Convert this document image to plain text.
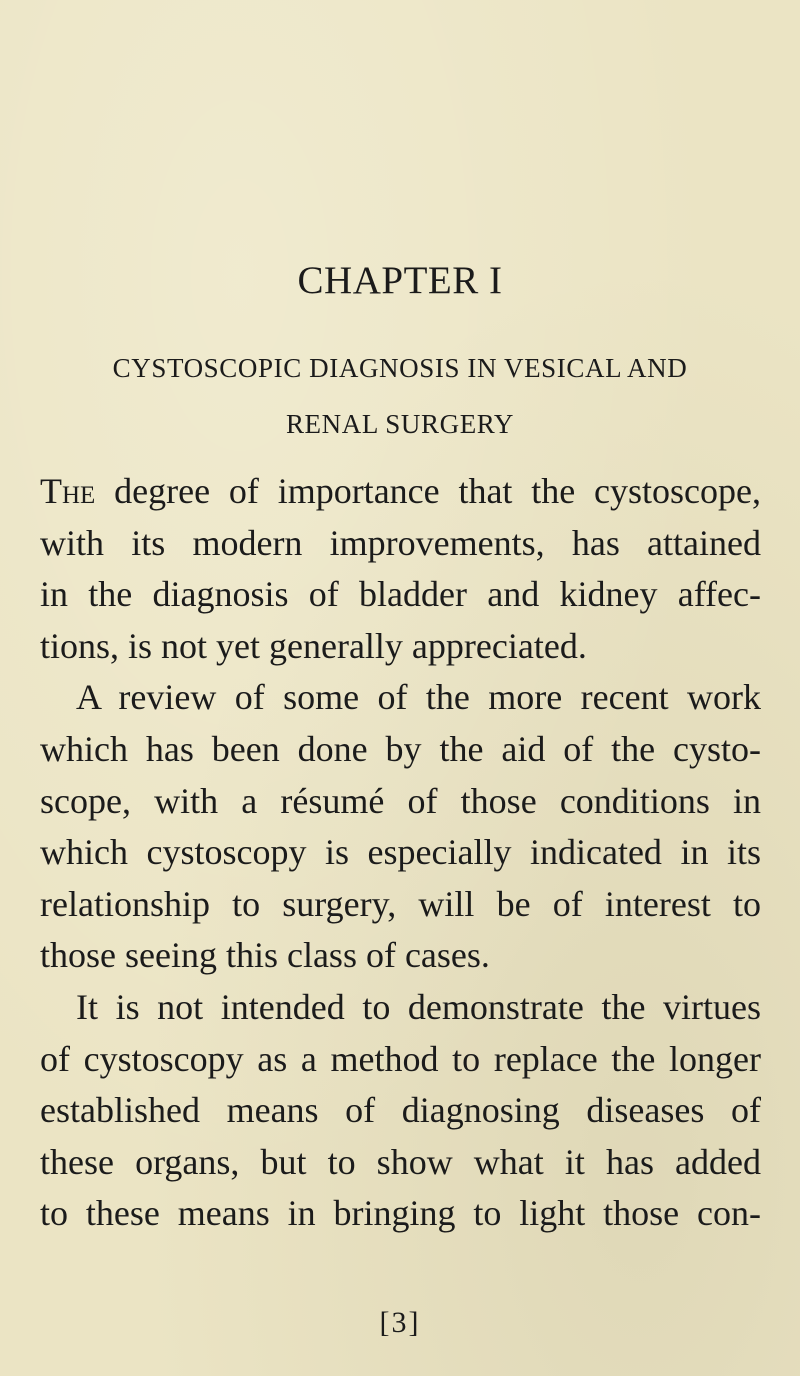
CHAPTER I
CYSTOSCOPIC DIAGNOSIS IN VESICAL AND
RENAL SURGERY
The degree of importance that the cystoscope,
with its modern improvements, has attained
in the diagnosis of bladder and kidney affec-
tions, is not yet generally appreciated.
A review of some of the more recent work
which has been done by the aid of the cysto-
scope, with a résumé of those conditions in
which cystoscopy is especially indicated in its
relationship to surgery, will be of interest to
those seeing this class of cases.
It is not intended to demonstrate the virtues
of cystoscopy as a method to replace the longer
established means of diagnosing diseases of
these organs, but to show what it has added
to these means in bringing to light those con-
[3]
